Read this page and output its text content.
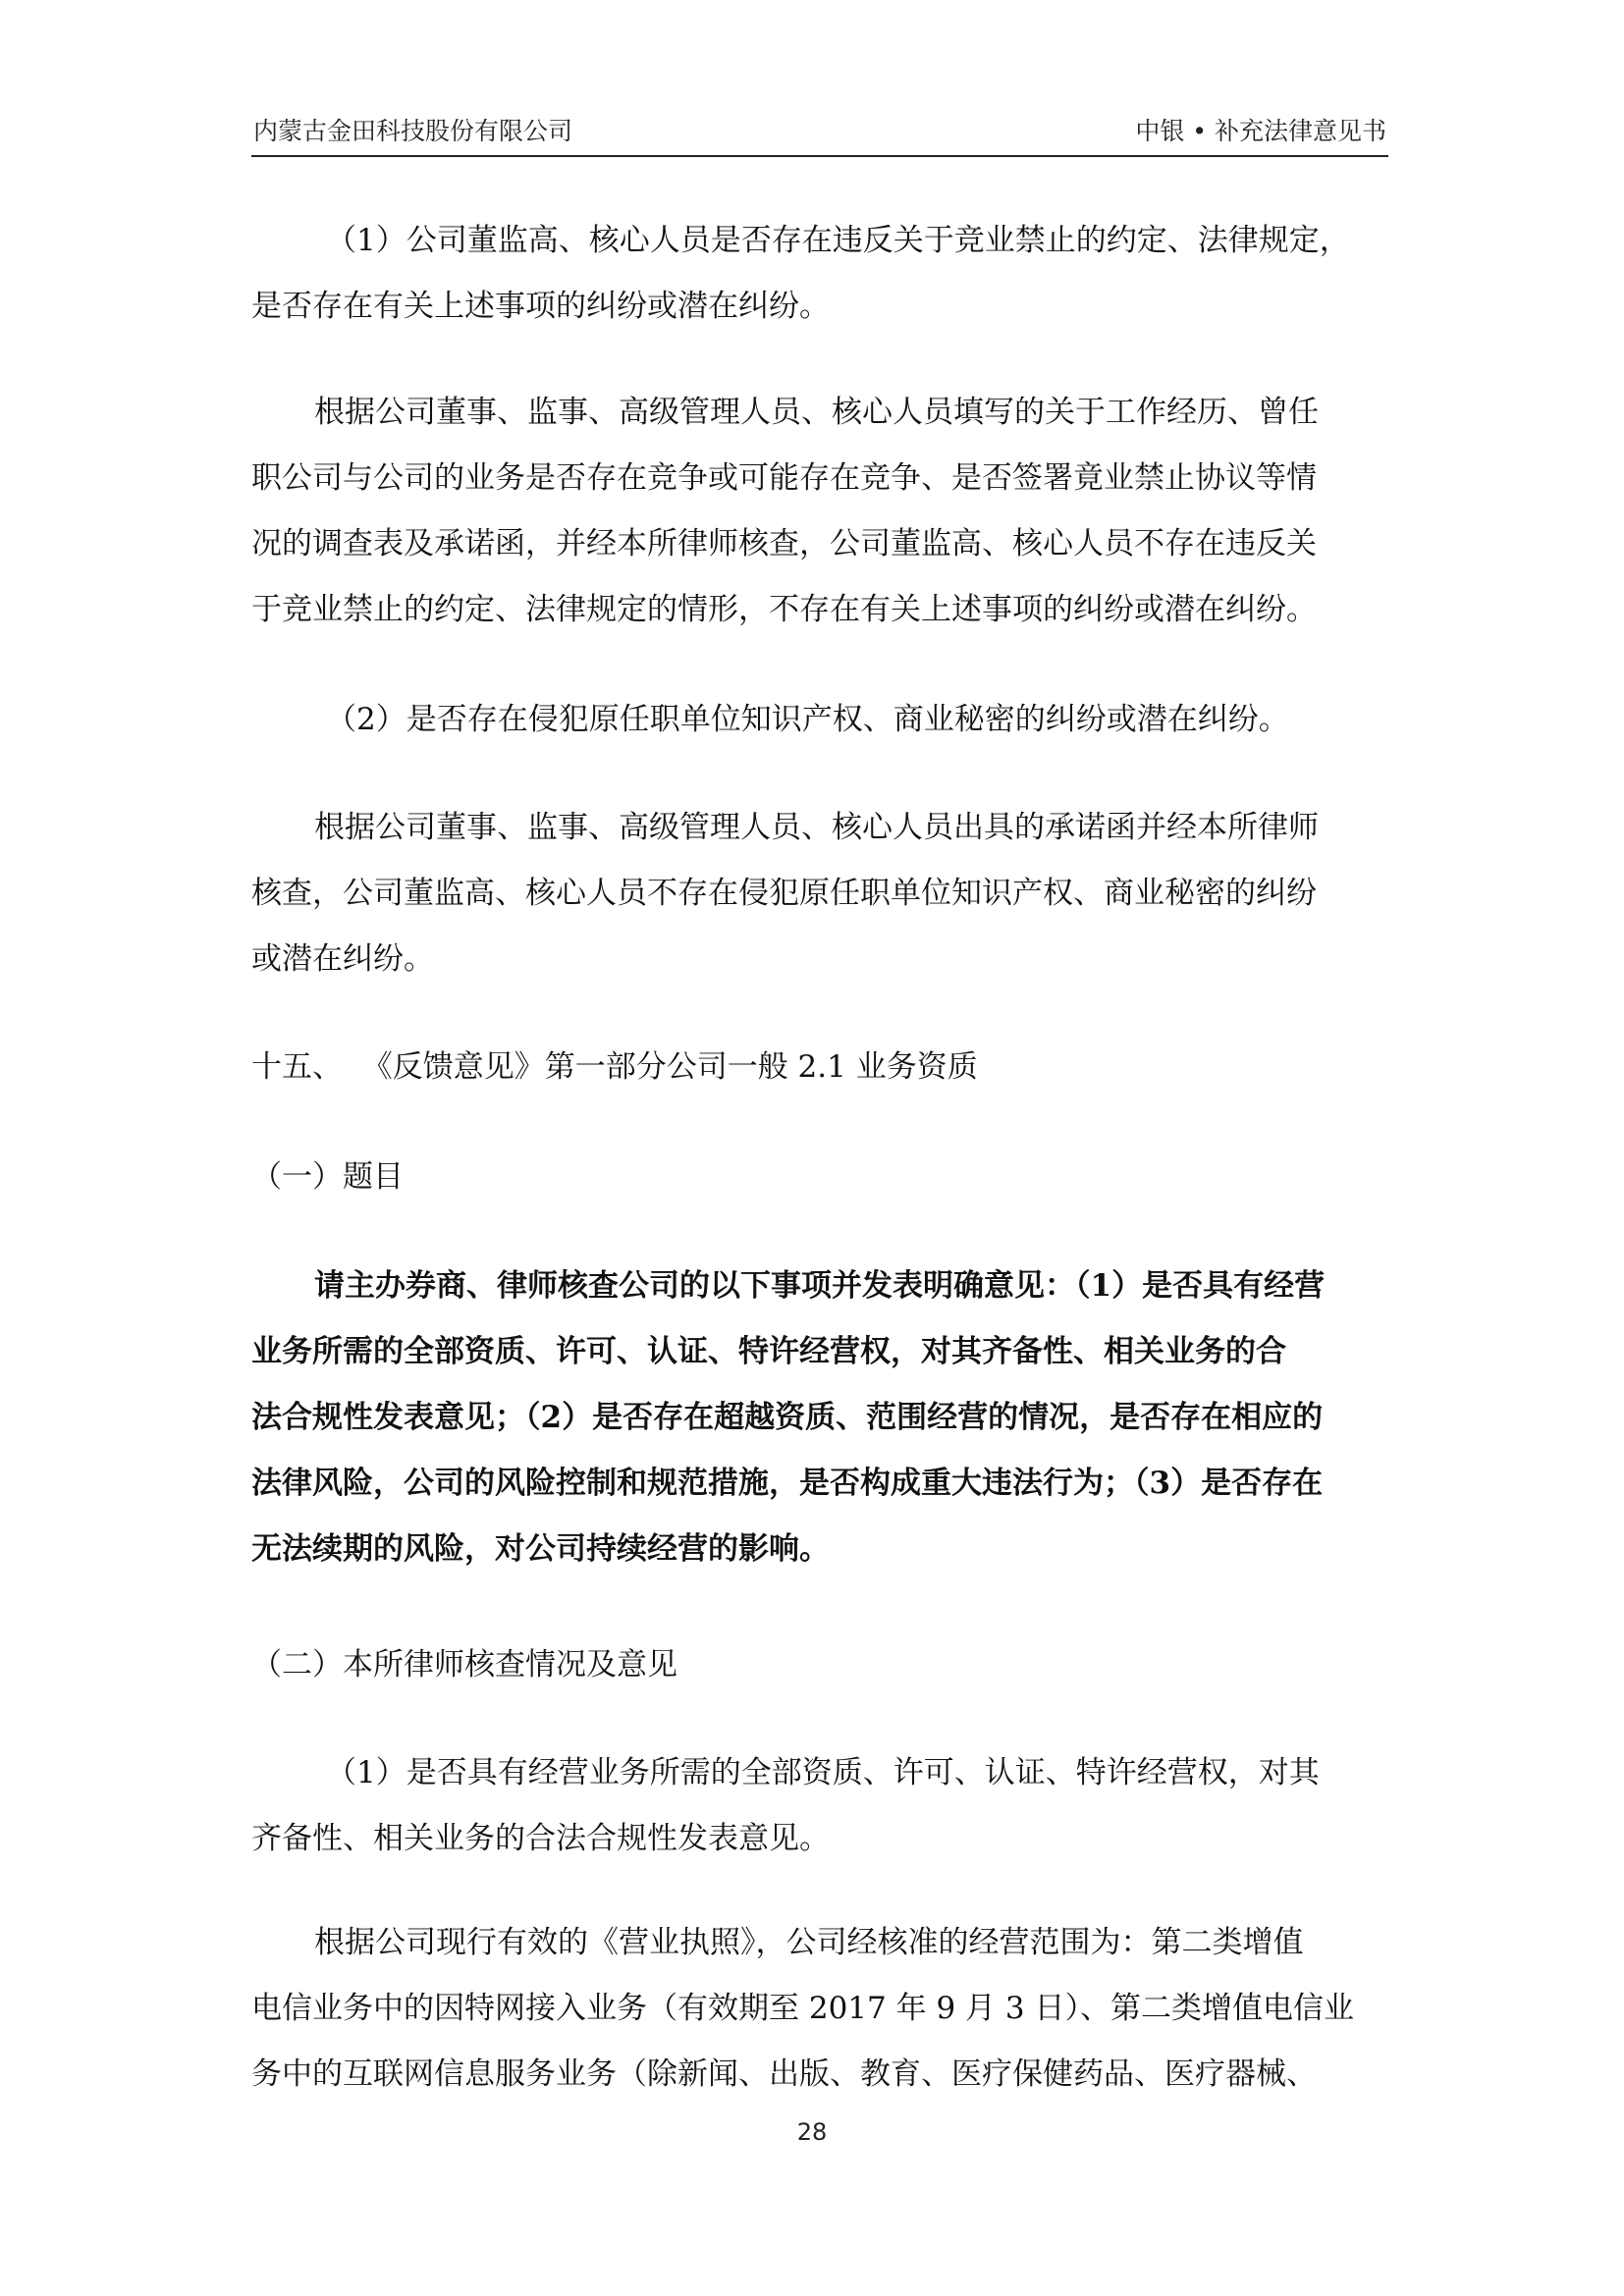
内蒙古金田科技股份有限公司	中银 • 补充法律意见书
（1）公司董监高、核心人员是否存在违反关于竞业禁止的约定、法律规定，
是否存在有关上述事项的纠纷或潜在纠纷。
根据公司董事、监事、高级管理人员、核心人员填写的关于工作经历、曾任
职公司与公司的业务是否存在竞争或可能存在竞争、是否签署竟业禁止协议等情
况的调查表及承诺函，并经本所律师核查，公司董监高、核心人员不存在违反关
于竞业禁止的约定、法律规定的情形，不存在有关上述事项的纠纷或潜在纠纷。
（2）是否存在侵犯原任职单位知识产权、商业秘密的纠纷或潜在纠纷。
根据公司董事、监事、高级管理人员、核心人员出具的承诺函并经本所律师
核查，公司董监高、核心人员不存在侵犯原任职单位知识产权、商业秘密的纠纷
或潜在纠纷。
十五、  《反馈意见》第一部分公司一般 2.1 业务资质
（一）题目
请主办券商、律师核查公司的以下事项并发表明确意见：（1）是否具有经营
业务所需的全部资质、许可、认证、特许经营权，对其齐备性、相关业务的合
法合规性发表意见；（2）是否存在超越资质、范围经营的情况，是否存在相应的
法律风险，公司的风险控制和规范措施，是否构成重大违法行为；（3）是否存在
无法续期的风险，对公司持续经营的影响。
（二）本所律师核查情况及意见
（1）是否具有经营业务所需的全部资质、许可、认证、特许经营权，对其
齐备性、相关业务的合法合规性发表意见。
根据公司现行有效的《营业执照》，公司经核准的经营范围为：第二类增值
电信业务中的因特网接入业务（有效期至 2017 年 9 月 3 日）、第二类增值电信业
务中的互联网信息服务业务（除新闻、出版、教育、医疗保健药品、医疗器械、
28
